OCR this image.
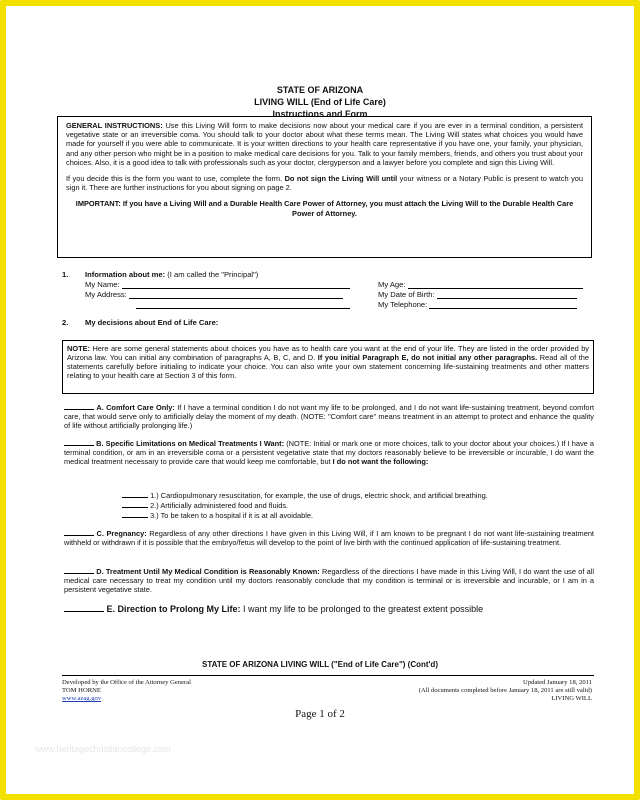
STATE OF ARIZONA
LIVING WILL (End of Life Care)
Instructions and Form

GENERAL INSTRUCTIONS: Use this Living Will form to make decisions now about your medical care if you are ever in a terminal condition, a persistent vegetative state or an irreversible coma. You should talk to your doctor about what these terms mean. The Living Will states what choices you would have made for yourself if you were able to communicate. It is your written directions to your health care representative if you have one, your family, your physician, and any other person who might be in a position to make medical care decisions for you. Talk to your family members, friends, and others you trust about your choices. Also, it is a good idea to talk with professionals such as your doctor, clergyperson and a lawyer before you complete and sign this Living Will.

If you decide this is the form you want to use, complete the form. Do not sign the Living Will until your witness or a Notary Public is present to watch you sign it. There are further instructions for you about signing on page 2.

IMPORTANT: If you have a Living Will and a Durable Health Care Power of Attorney, you must attach the Living Will to the Durable Health Care Power of Attorney.
1. Information about me: (I am called the "Principal")
My Name:
My Address:
My Age:
My Date of Birth:
My Telephone:
2. My decisions about End of Life Care:
NOTE: Here are some general statements about choices you have as to health care you want at the end of your life. They are listed in the order provided by Arizona law. You can initial any combination of paragraphs A, B, C, and D. If you initial Paragraph E, do not initial any other paragraphs. Read all of the statements carefully before initialing to indicate your choice. You can also write your own statement concerning life-sustaining treatments and other matters relating to your health care at Section 3 of this form.
A. Comfort Care Only: If I have a terminal condition I do not want my life to be prolonged, and I do not want life-sustaining treatment, beyond comfort care, that would serve only to artificially delay the moment of my death. (NOTE: "Comfort care" means treatment in an attempt to protect and enhance the quality of life without artificially prolonging life.)
B. Specific Limitations on Medical Treatments I Want: (NOTE: Initial or mark one or more choices, talk to your doctor about your choices.) If I have a terminal condition, or am in an irreversible coma or a persistent vegetative state that my doctors reasonably believe to be irreversible or incurable, I do want the medical treatment necessary to provide care that would keep me comfortable, but I do not want the following:
1.) Cardiopulmonary resuscitation, for example, the use of drugs, electric shock, and artificial breathing.
2.) Artificially administered food and fluids.
3.) To be taken to a hospital if it is at all avoidable.
C. Pregnancy: Regardless of any other directions I have given in this Living Will, if I am known to be pregnant I do not want life-sustaining treatment withheld or withdrawn if it is possible that the embryo/fetus will develop to the point of live birth with the continued application of life-sustaining treatment.
D. Treatment Until My Medical Condition is Reasonably Known: Regardless of the directions I have made in this Living Will, I do want the use of all medical care necessary to treat my condition until my doctors reasonably conclude that my condition is terminal or is irreversible and incurable, or I am in a persistent vegetative state.
E. Direction to Prolong My Life: I want my life to be prolonged to the greatest extent possible
STATE OF ARIZONA LIVING WILL ("End of Life Care") (Cont'd)
Developed by the Office of the Attorney General
TOM HORNE
www.azag.gov
Updated January 18, 2011
(All documents completed before January 18, 2011 are still valid)
LIVING WILL
Page 1 of 2
www.heritagechristiancollege.com
